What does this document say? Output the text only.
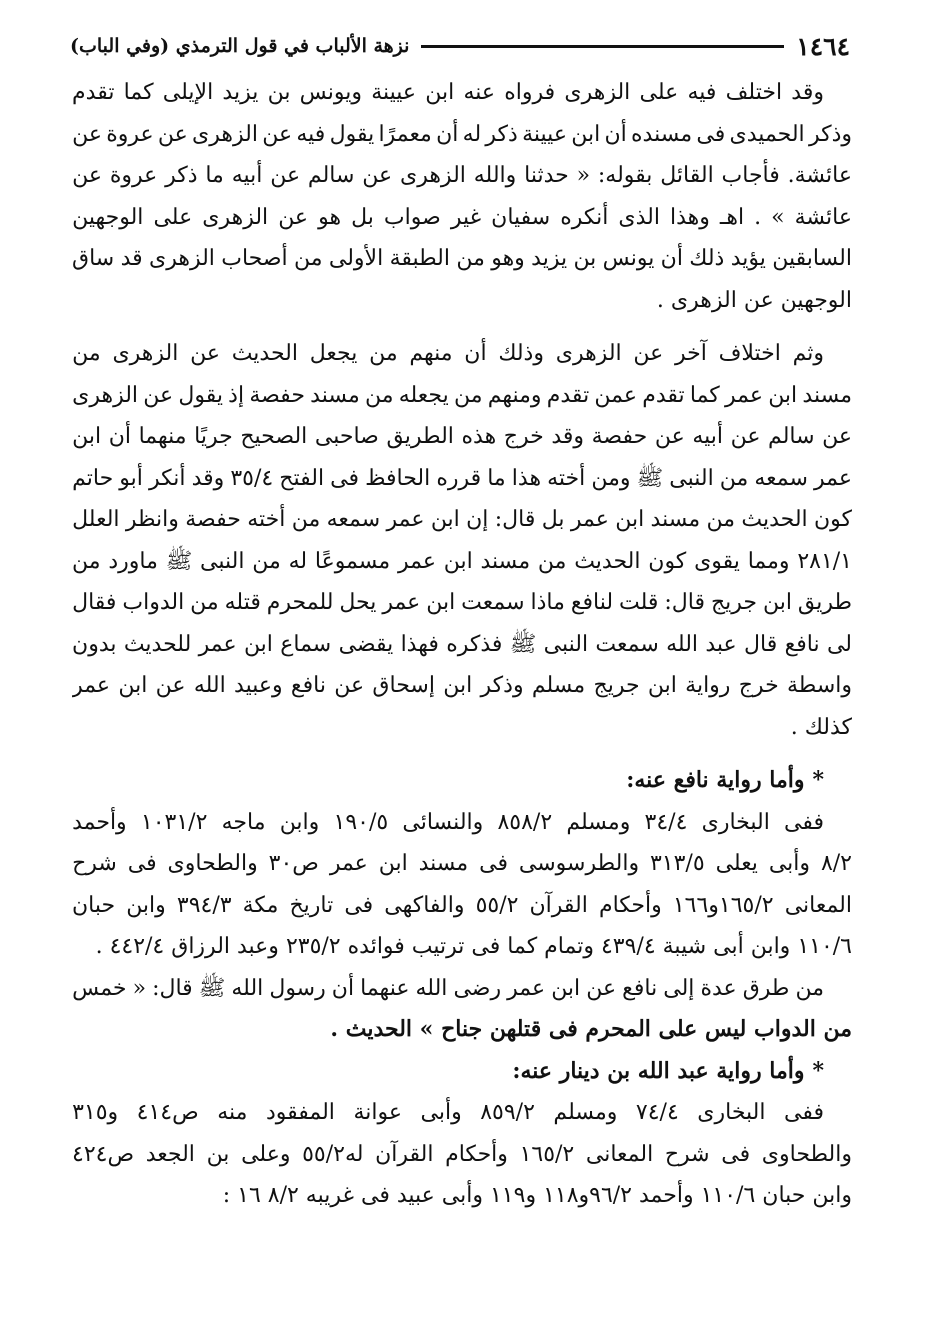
١٤٦٤
نزهة الألباب في قول الترمذي (وفي الباب)
وقد
اختلف
فيه
على
الزهرى
فرواه
عنه
ابن
عيينة
ويونس
بن
يزيد
الإيلى
كما
تقدم
وذكر
الحميدى
فى
مسنده
أن
ابن
عيينة
ذكر
له
أن
معمرًا
يقول
فيه
عن
الزهرى
عن
عروة
عن
عائشة.
فأجاب
القائل
بقوله:
«
حدثنا
والله
الزهرى
عن
سالم
عن
أبيه
ما
ذكر
عروة
عن
عائشة
»
.
اهـ
وهذا
الذى
أنكره
سفيان
غير
صواب
بل
هو
عن
الزهرى
على
الوجهين
السابقين
يؤيد
ذلك
أن
يونس
بن
يزيد
وهو
من
الطبقة
الأولى
من
أصحاب
الزهرى
قد
ساق
الوجهين عن الزهرى .
وثم
اختلاف
آخر
عن
الزهرى
وذلك
أن
منهم
من
يجعل
الحديث
عن
الزهرى
من
مسند
ابن
عمر
كما
تقدم
عمن
تقدم
ومنهم
من
يجعله
من
مسند
حفصة
إذ
يقول
عن
الزهرى
عن
سالم
عن
أبيه
عن
حفصة
وقد
خرج
هذه
الطريق
صاحبى
الصحيح
جريًا
منهما
أن
ابن
عمر
سمعه
من
النبى
ﷺ
ومن
أخته
هذا
ما
قرره
الحافظ
فى
الفتح
٣٥/٤
وقد
أنكر
أبو
حاتم
كون
الحديث
من
مسند
ابن
عمر
بل
قال:
إن
ابن
عمر
سمعه
من
أخته
حفصة
وانظر
العلل
٢٨١/١
ومما
يقوى
كون
الحديث
من
مسند
ابن
عمر
مسموعًا
له
من
النبى
ﷺ
ماورد
من
طريق
ابن
جريج
قال:
قلت
لنافع
ماذا
سمعت
ابن
عمر
يحل
للمحرم
قتله
من
الدواب
فقال
لى
نافع
قال
عبد
الله
سمعت
النبى
ﷺ
فذكره
فهذا
يقضى
سماع
ابن
عمر
للحديث
بدون
واسطة
خرج
رواية
ابن
جريج
مسلم
وذكر
ابن
إسحاق
عن
نافع
وعبيد
الله
عن
ابن
عمر
كذلك .
*وأما رواية نافع عنه:
ففى
البخارى
٣٤/٤
ومسلم
٨٥٨/٢
والنسائى
١٩٠/٥
وابن
ماجه
١٠٣١/٢
وأحمد
٨/٢
وأبى
يعلى
٣١٣/٥
والطرسوسى
فى
مسند
ابن
عمر
ص٣٠
والطحاوى
فى
شرح
المعانى
١٦٥/٢و١٦٦
وأحكام
القرآن
٥٥/٢
والفاكهى
فى
تاريخ
مكة
٣٩٤/٣
وابن
حبان
١١٠/٦ وابن أبى شيبة ٤٣٩/٤ وتمام كما فى ترتيب فوائده ٢٣٥/٢ وعبد الرزاق ٤٤٢/٤ .
من
طرق
عدة
إلى
نافع
عن
ابن
عمر
رضى
الله
عنهما
أن
رسول
الله
ﷺ
قال:
«
خمس
من الدواب ليس على المحرم فى قتلهن جناح » الحديث .
*وأما رواية عبد الله بن دينار عنه:
ففى
البخارى
٧٤/٤
ومسلم
٨٥٩/٢
وأبى
عوانة
المفقود
منه
ص٤١٤
و٣١٥
والطحاوى
فى
شرح
المعانى
١٦٥/٢
وأحكام
القرآن
له٥٥/٢
وعلى
بن
الجعد
ص٤٢٤
وابن حبان ١١٠/٦ وأحمد ٩٦/٢و١١٨ و١١٩ وأبى عبيد فى غريبه ٨/٢ ١٦ :
